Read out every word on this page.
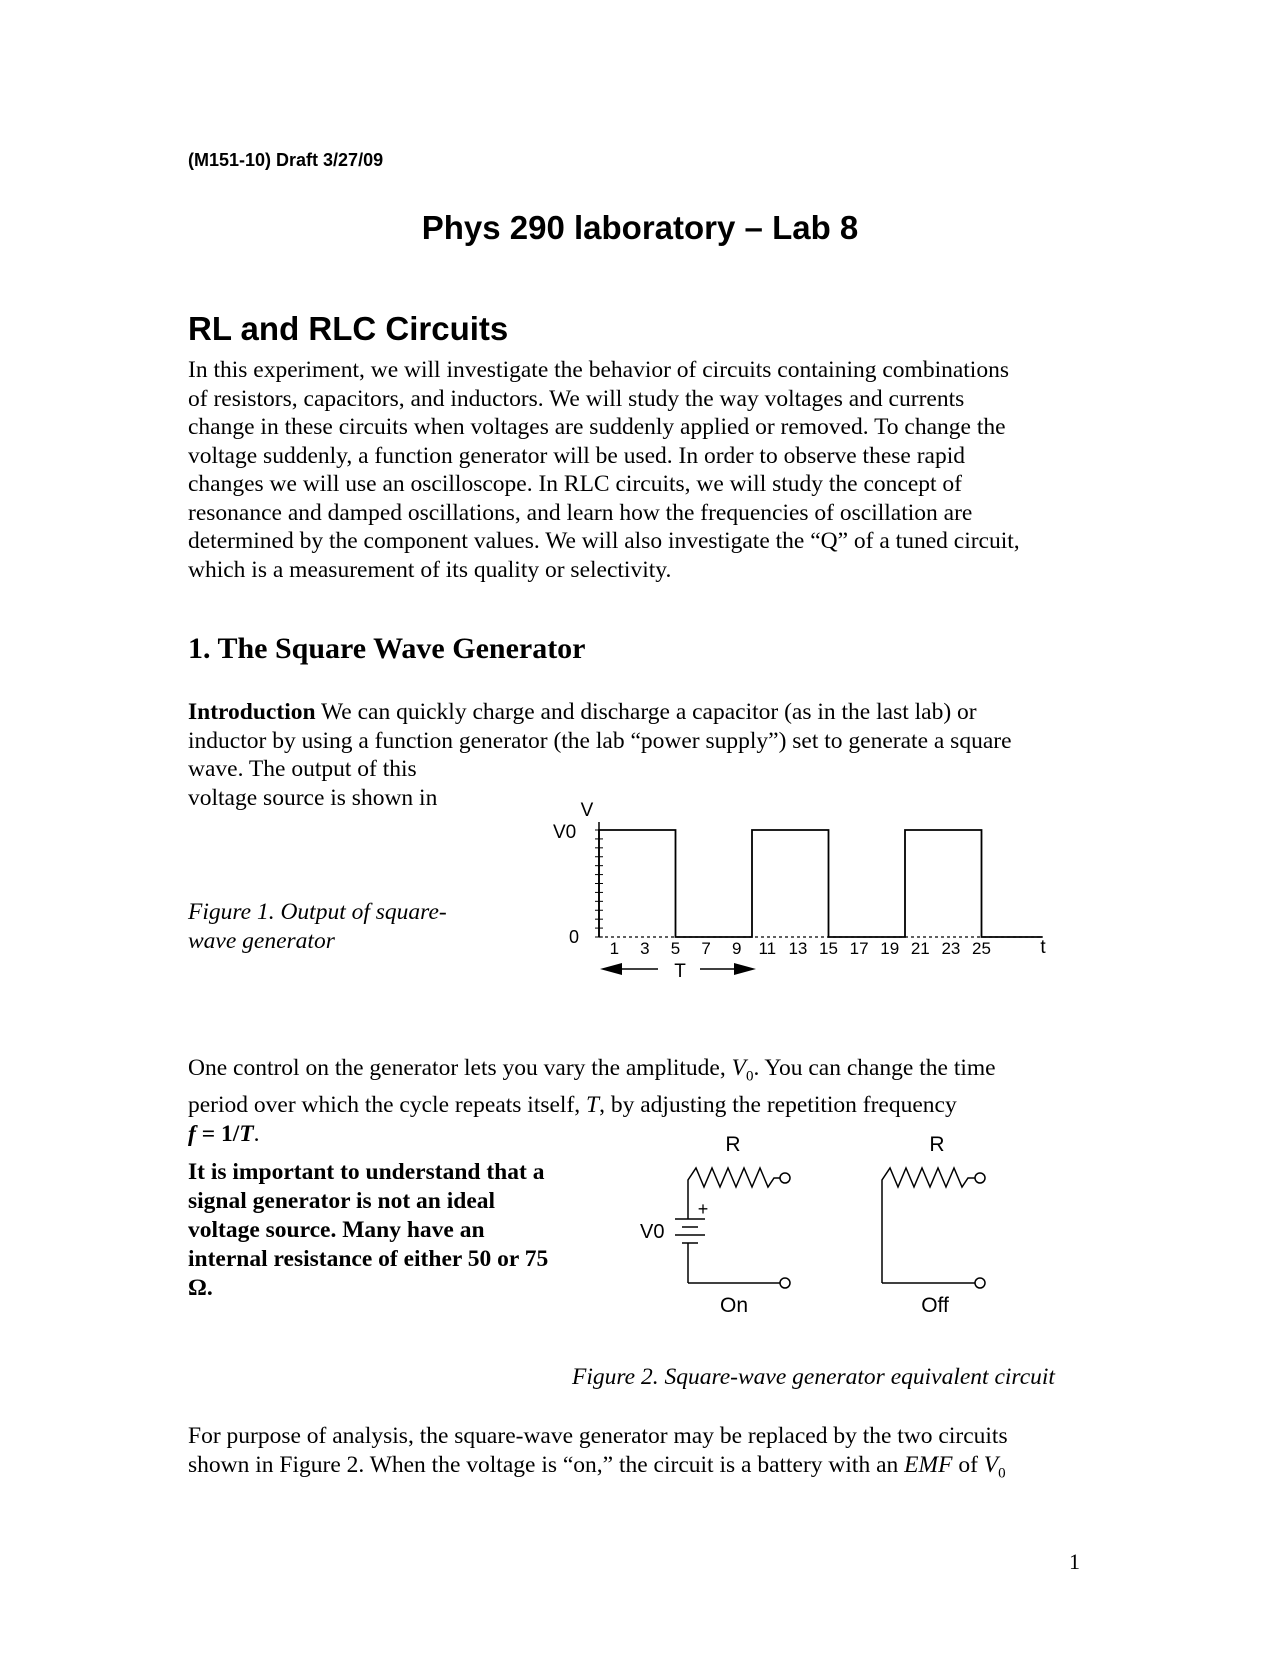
(M151-10) Draft 3/27/09
Phys 290 laboratory – Lab 8
RL and RLC Circuits
In this experiment, we will investigate the behavior of circuits containing combinations
of resistors, capacitors, and inductors. We will study the way voltages and currents
change in these circuits when voltages are suddenly applied or removed. To change the
voltage suddenly, a function generator will be used. In order to observe these rapid
changes we will use an oscilloscope. In RLC circuits, we will study the concept of
resonance and damped oscillations, and learn how the frequencies of oscillation are
determined by the component values. We will also investigate the “Q” of a tuned circuit,
which is a measurement of its quality or selectivity.
1. The Square Wave Generator
Introduction We can quickly charge and discharge a capacitor (as in the last lab) or
inductor by using a function generator (the lab “power supply”) set to generate a square
wave. The output of this
voltage source is shown in
Figure 1. Output of square-
wave generator
V
V0
0	t
1 3 5 7 9 11 13 15 17 19 21 23 25
T
R
+
V0
On
R
Off
One control on the generator lets you vary the amplitude, $V_0$. You can change the time
period over which the cycle repeats itself, T, by adjusting the repetition frequency
f = 1/T.
It is important to understand that a
signal generator is not an ideal
voltage source. Many have an
internal resistance of either 50 or 75
Ω.
Figure 2. Square-wave generator equivalent circuit
For purpose of analysis, the square-wave generator may be replaced by the two circuits
shown in Figure 2. When the voltage is “on,” the circuit is a battery with an EMF of $V_0$
1
